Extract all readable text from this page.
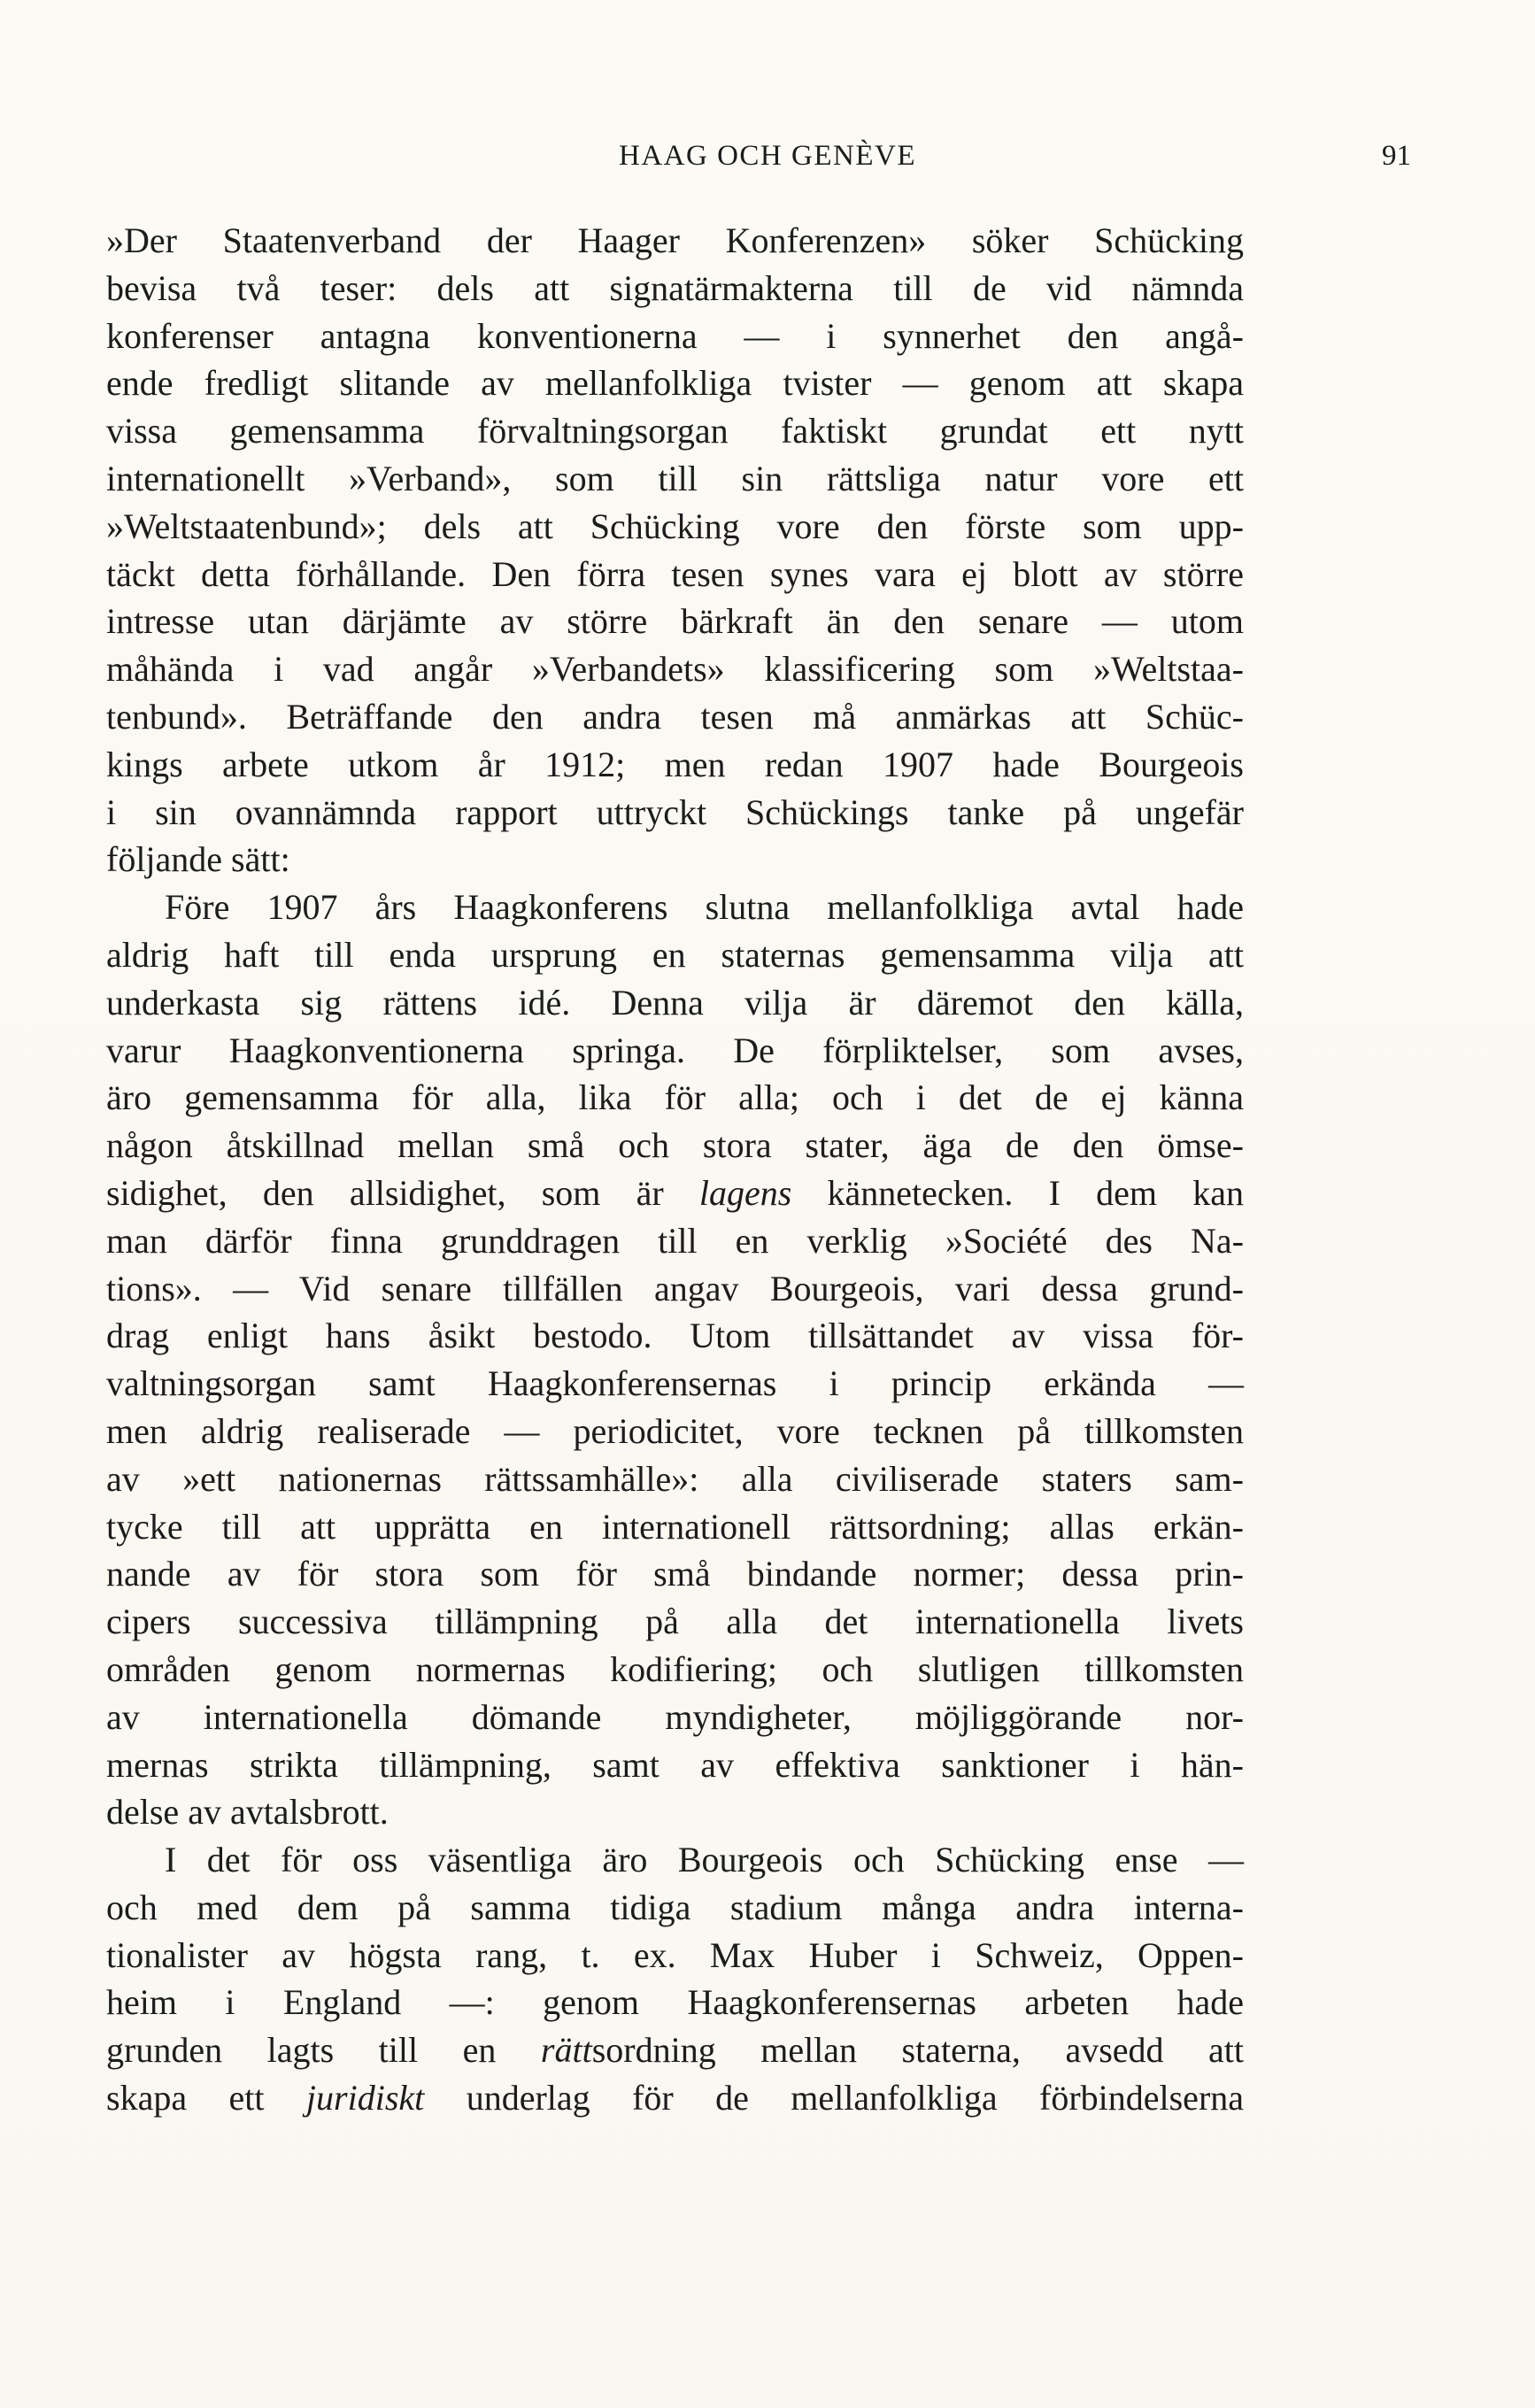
HAAG OCH GENÈVE	91
»Der Staatenverband der Haager Konferenzen» söker Schücking
bevisa två teser: dels att signatärmakterna till de vid nämnda
konferenser antagna konventionerna — i synnerhet den angå-
ende fredligt slitande av mellanfolkliga tvister — genom att skapa
vissa gemensamma förvaltningsorgan faktiskt grundat ett nytt
internationellt »Verband», som till sin rättsliga natur vore ett
»Weltstaatenbund»; dels att Schücking vore den förste som upp-
täckt detta förhållande. Den förra tesen synes vara ej blott av större
intresse utan därjämte av större bärkraft än den senare — utom
måhända i vad angår »Verbandets» klassificering som »Weltstaa-
tenbund». Beträffande den andra tesen må anmärkas att Schüc-
kings arbete utkom år 1912; men redan 1907 hade Bourgeois
i sin ovannämnda rapport uttryckt Schückings tanke på ungefär
följande sätt:
Före 1907 års Haagkonferens slutna mellanfolkliga avtal hade
aldrig haft till enda ursprung en staternas gemensamma vilja att
underkasta sig rättens idé. Denna vilja är däremot den källa,
varur Haagkonventionerna springa. De förpliktelser, som avses,
äro gemensamma för alla, lika för alla; och i det de ej känna
någon åtskillnad mellan små och stora stater, äga de den ömse-
sidighet, den allsidighet, som är lagens kännetecken. I dem kan
man därför finna grunddragen till en verklig »Société des Na-
tions». — Vid senare tillfällen angav Bourgeois, vari dessa grund-
drag enligt hans åsikt bestodo. Utom tillsättandet av vissa för-
valtningsorgan samt Haagkonferensernas i princip erkända —
men aldrig realiserade — periodicitet, vore tecknen på tillkomsten
av »ett nationernas rättssamhälle»: alla civiliserade staters sam-
tycke till att upprätta en internationell rättsordning; allas erkän-
nande av för stora som för små bindande normer; dessa prin-
cipers successiva tillämpning på alla det internationella livets
områden genom normernas kodifiering; och slutligen tillkomsten
av internationella dömande myndigheter, möjliggörande nor-
mernas strikta tillämpning, samt av effektiva sanktioner i hän-
delse av avtalsbrott.
I det för oss väsentliga äro Bourgeois och Schücking ense —
och med dem på samma tidiga stadium många andra interna-
tionalister av högsta rang, t. ex. Max Huber i Schweiz, Oppen-
heim i England —: genom Haagkonferensernas arbeten hade
grunden lagts till en rättsordning mellan staterna, avsedd att
skapa ett juridiskt underlag för de mellanfolkliga förbindelserna
